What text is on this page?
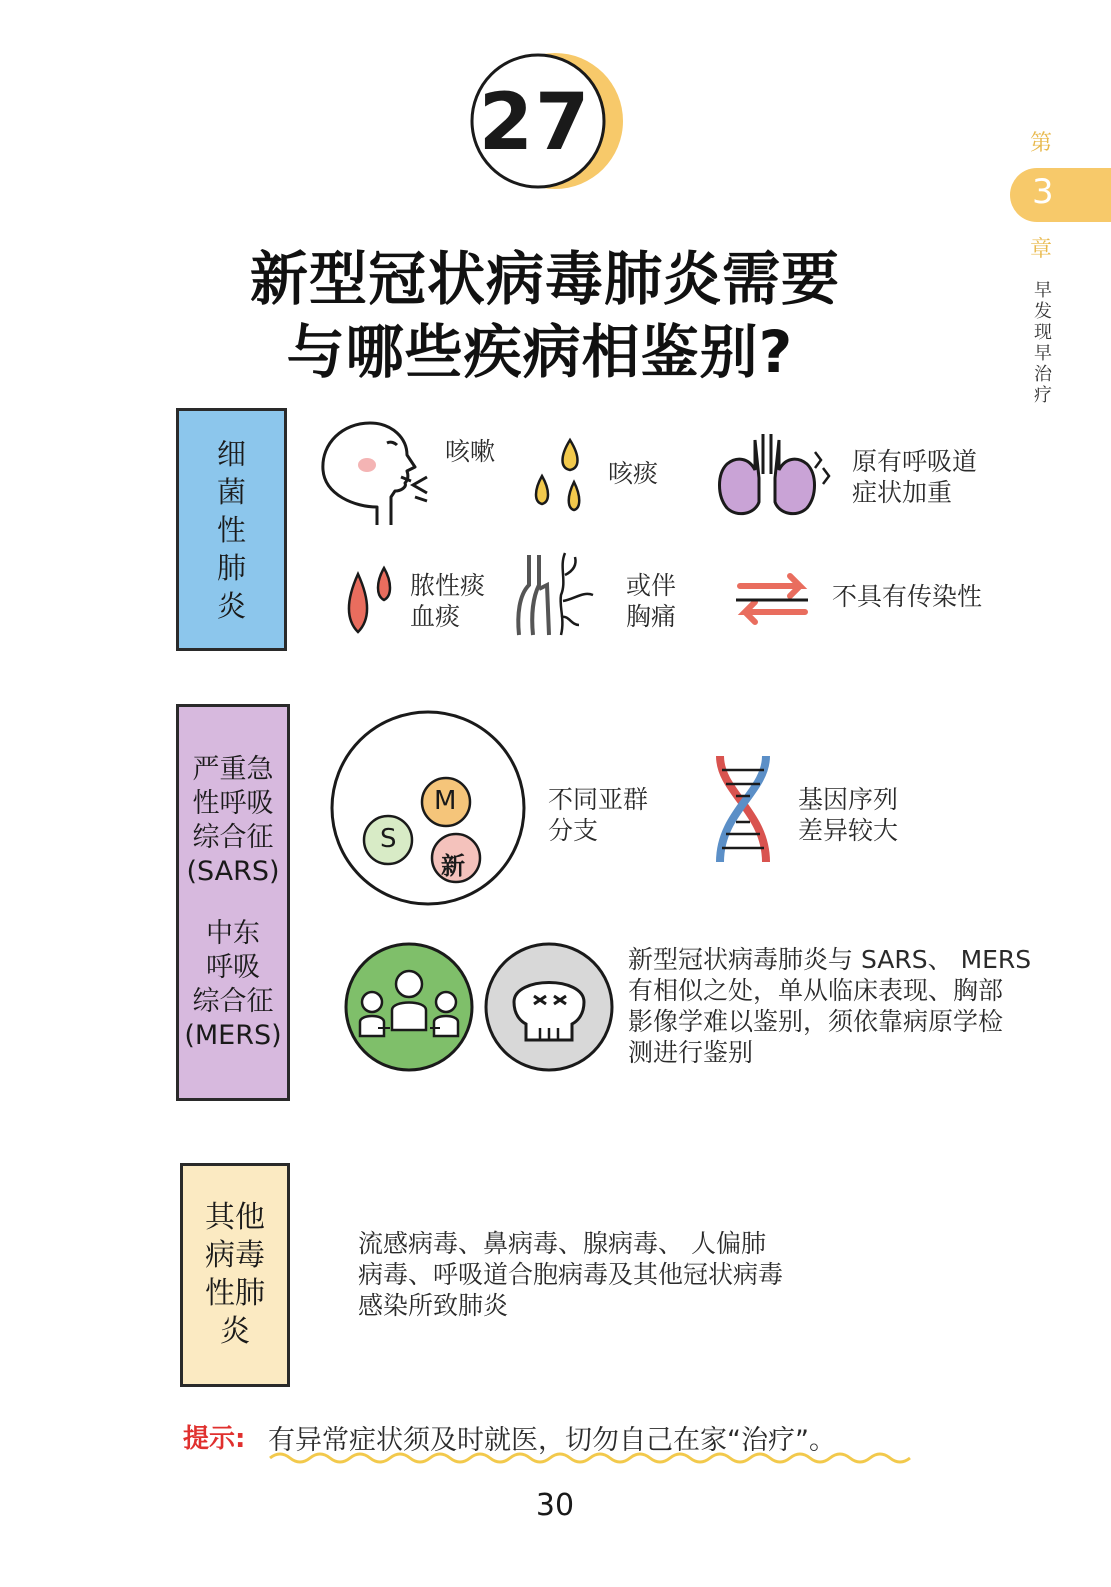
27
新型冠状病毒肺炎需要
与哪些疾病相鉴别?
第
3
章
早发现早治疗
细菌性肺炎
咳嗽
咳痰	原有呼吸道
症状加重
脓性痰
血痰
或伴
胸痛
不具有传染性
严重急
性呼吸
综合征
(SARS)
中东
呼吸
综合征
(MERS)
M
S
新
不同亚群
分支
基因序列
差异较大
新型冠状病毒肺炎与 SARS、 MERS
有相似之处，单从临床表现、胸部
影像学难以鉴别，须依靠病原学检
测进行鉴别
其他
病毒
性肺
炎
流感病毒、鼻病毒、腺病毒、 人偏肺
病毒、呼吸道合胞病毒及其他冠状病毒
感染所致肺炎
提示: 有异常症状须及时就医，切勿自己在家“治疗”。
30
